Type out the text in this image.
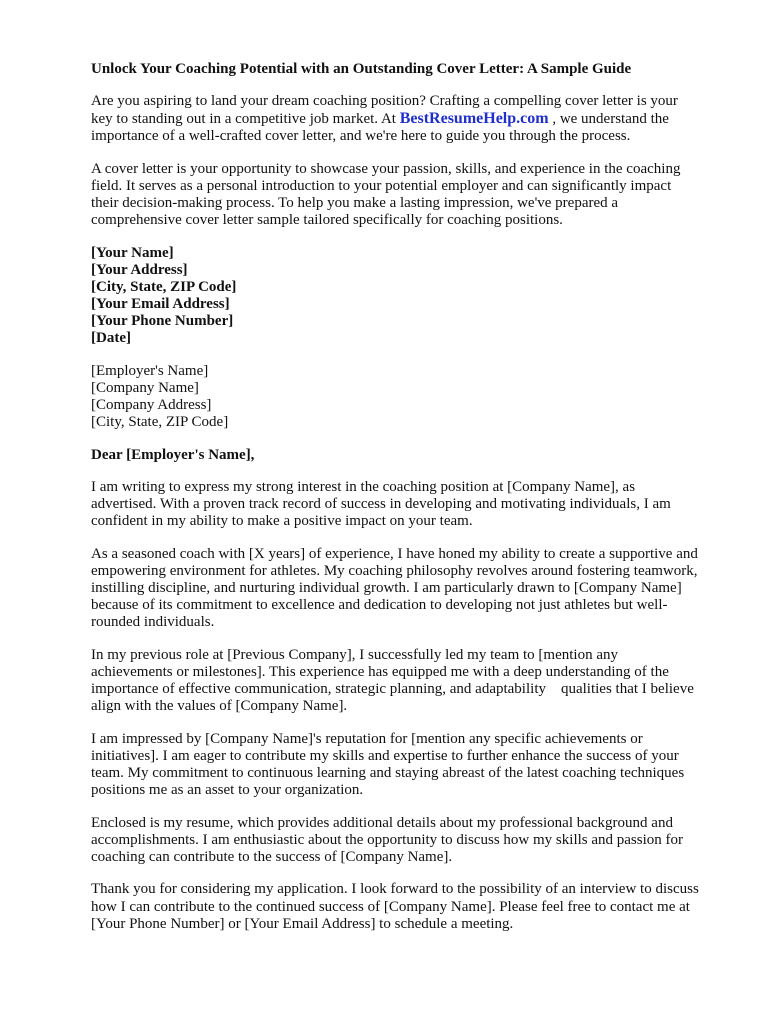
Unlock Your Coaching Potential with an Outstanding Cover Letter: A Sample Guide
Are you aspiring to land your dream coaching position? Crafting a compelling cover letter is your
key to standing out in a competitive job market. At BestResumeHelp.com , we understand the
importance of a well-crafted cover letter, and we're here to guide you through the process.
A cover letter is your opportunity to showcase your passion, skills, and experience in the coaching
field. It serves as a personal introduction to your potential employer and can significantly impact
their decision-making process. To help you make a lasting impression, we've prepared a
comprehensive cover letter sample tailored specifically for coaching positions.
[Your Name]
[Your Address]
[City, State, ZIP Code]
[Your Email Address]
[Your Phone Number]
[Date]
[Employer's Name]
[Company Name]
[Company Address]
[City, State, ZIP Code]
Dear [Employer's Name],
I am writing to express my strong interest in the coaching position at [Company Name], as
advertised. With a proven track record of success in developing and motivating individuals, I am
confident in my ability to make a positive impact on your team.
As a seasoned coach with [X years] of experience, I have honed my ability to create a supportive and
empowering environment for athletes. My coaching philosophy revolves around fostering teamwork,
instilling discipline, and nurturing individual growth. I am particularly drawn to [Company Name]
because of its commitment to excellence and dedication to developing not just athletes but well-
rounded individuals.
In my previous role at [Previous Company], I successfully led my team to [mention any
achievements or milestones]. This experience has equipped me with a deep understanding of the
importance of effective communication, strategic planning, and adaptability    qualities that I believe
align with the values of [Company Name].
I am impressed by [Company Name]'s reputation for [mention any specific achievements or
initiatives]. I am eager to contribute my skills and expertise to further enhance the success of your
team. My commitment to continuous learning and staying abreast of the latest coaching techniques
positions me as an asset to your organization.
Enclosed is my resume, which provides additional details about my professional background and
accomplishments. I am enthusiastic about the opportunity to discuss how my skills and passion for
coaching can contribute to the success of [Company Name].
Thank you for considering my application. I look forward to the possibility of an interview to discuss
how I can contribute to the continued success of [Company Name]. Please feel free to contact me at
[Your Phone Number] or [Your Email Address] to schedule a meeting.
